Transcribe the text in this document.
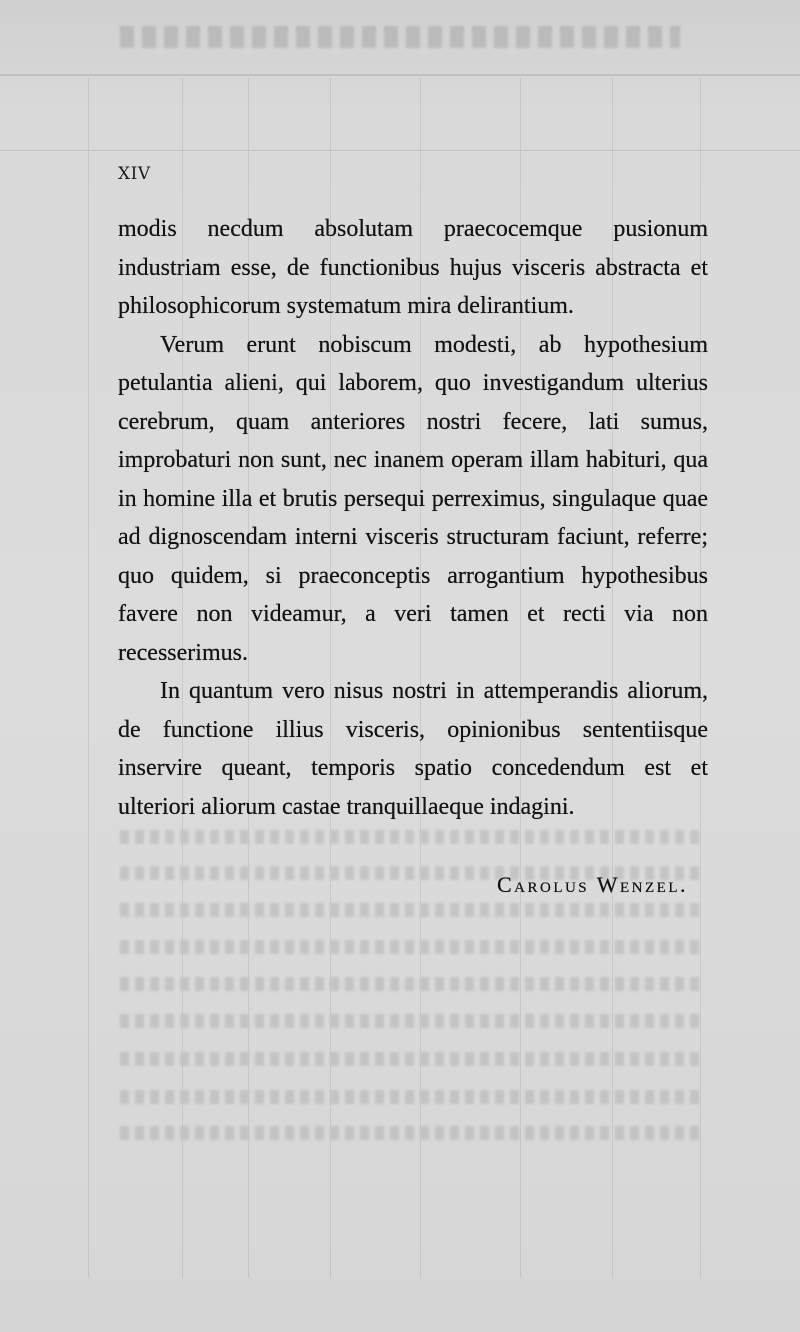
XIV

modis necdum absolutam praecocemque pusionum industriam esse, de functionibus hujus visceris abstracta et philosophicorum systematum mira delirantium.

Verum erunt nobiscum modesti, ab hypothesium petulantia alieni, qui laborem, quo investigandum ulterius cerebrum, quam anteriores nostri fecere, lati sumus, improbaturi non sunt, nec inanem operam illam habituri, qua in homine illa et brutis persequi perreximus, singulaque quae ad dignoscendam interni visceris structuram faciunt, referre; quo quidem, si praeconceptis arrogantium hypothesibus favere non videamur, a veri tamen et recti via non recesserimus.

In quantum vero nisus nostri in attemperandis aliorum, de functione illius visceris, opinionibus sententiisque inservire queant, temporis spatio concedendum est et ulteriori aliorum castae tranquillaeque indagini.

Carolus Wenzel.
